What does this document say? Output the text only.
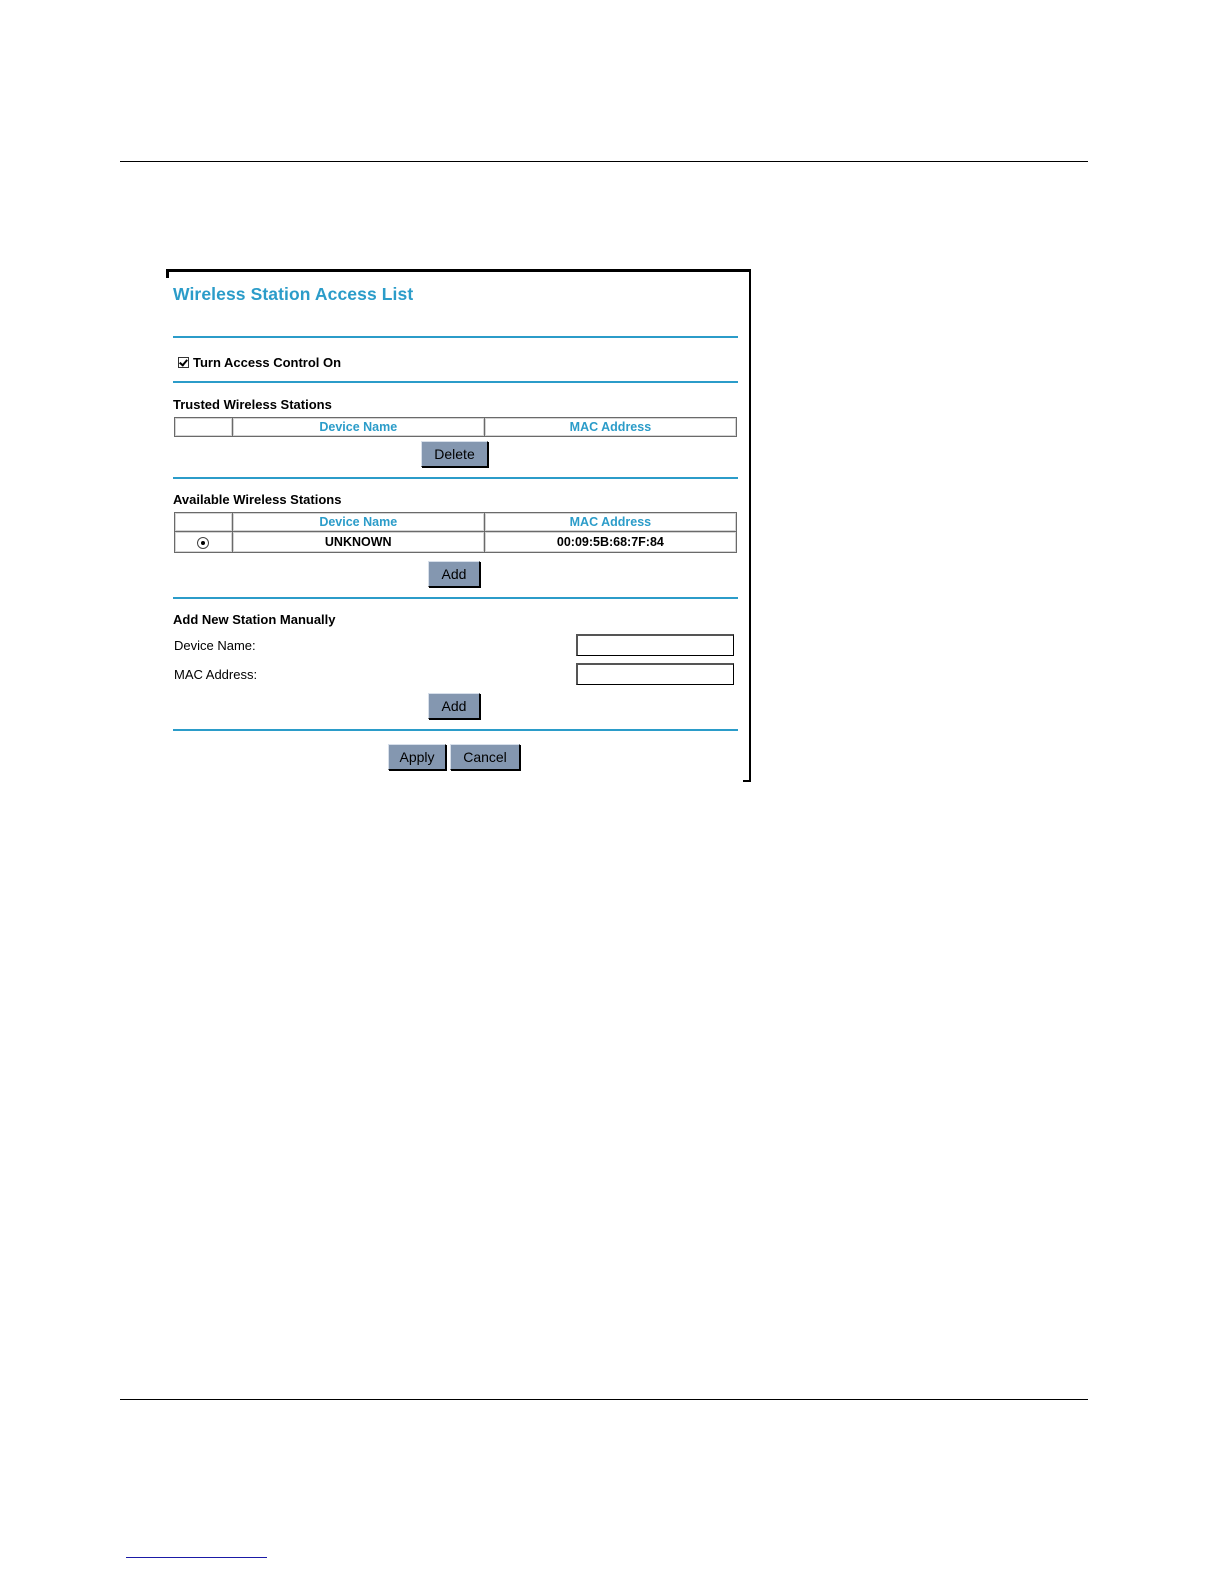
Wireless Station Access List
Turn Access Control On
Trusted Wireless Stations
	Device Name	MAC Address
Delete
Available Wireless Stations
	Device Name	MAC Address
	UNKNOWN	00:09:5B:68:7F:84
Add
Add New Station Manually
Device Name:
MAC Address:
Add
Apply	Cancel
